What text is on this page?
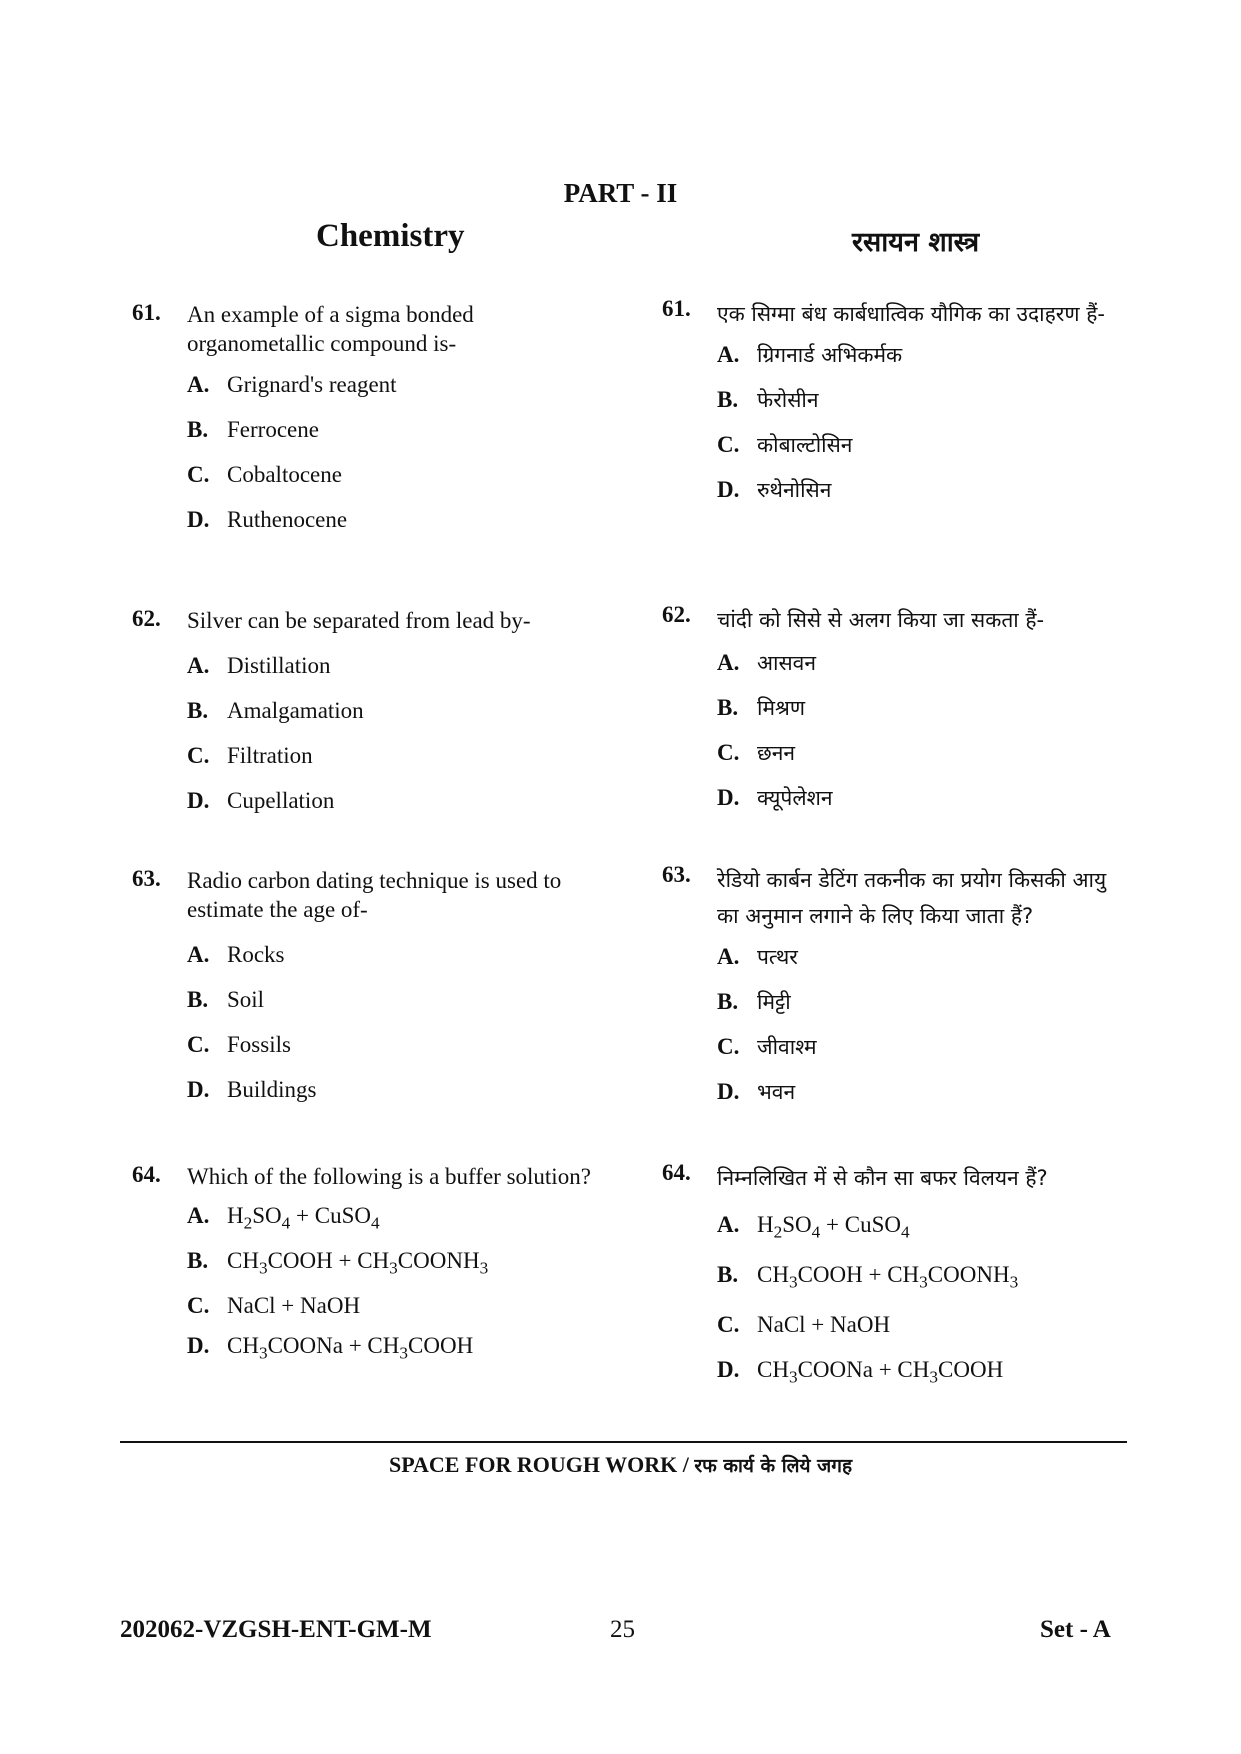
PART - II
Chemistry	रसायन शास्त्र
61. An example of a sigma bonded organometallic compound is-
A. Grignard's reagent
B. Ferrocene
C. Cobaltocene
D. Ruthenocene
62. Silver can be separated from lead by-
A. Distillation
B. Amalgamation
C. Filtration
D. Cupellation
63. Radio carbon dating technique is used to estimate the age of-
A. Rocks
B. Soil
C. Fossils
D. Buildings
64. Which of the following is a buffer solution?
A. $H_2SO_4$ + CuSO$_4$
B. $CH_3COOH$ + $CH_3COONH_3$
C. NaCl + NaOH
D. $CH_3COONa$ + $CH_3COOH$
61. एक सिग्मा बंध कार्बधात्विक यौगिक का उदाहरण हैं-
A. ग्रिगनार्ड अभिकर्मक
B. फेरोसीन
C. कोबाल्टोसिन
D. रुथेनोसिन
62. चांदी को सिसे से अलग किया जा सकता हैं-
A. आसवन
B. मिश्रण
C. छनन
D. क्यूपेलेशन
63. रेडियो कार्बन डेटिंग तकनीक का प्रयोग किसकी आयु का अनुमान लगाने के लिए किया जाता हैं?
A. पत्थर
B. मिट्टी
C. जीवाश्म
D. भवन
64. निम्नलिखित में से कौन सा बफर विलयन हैं?
A. $H_2SO_4$ + CuSO$_4$
B. $CH_3COOH$ + $CH_3COONH_3$
C. NaCl + NaOH
D. $CH_3COONa$ + $CH_3COOH$
SPACE FOR ROUGH WORK / रफ कार्य के लिये जगह
202062-VZGSH-ENT-GM-M	25	Set - A
